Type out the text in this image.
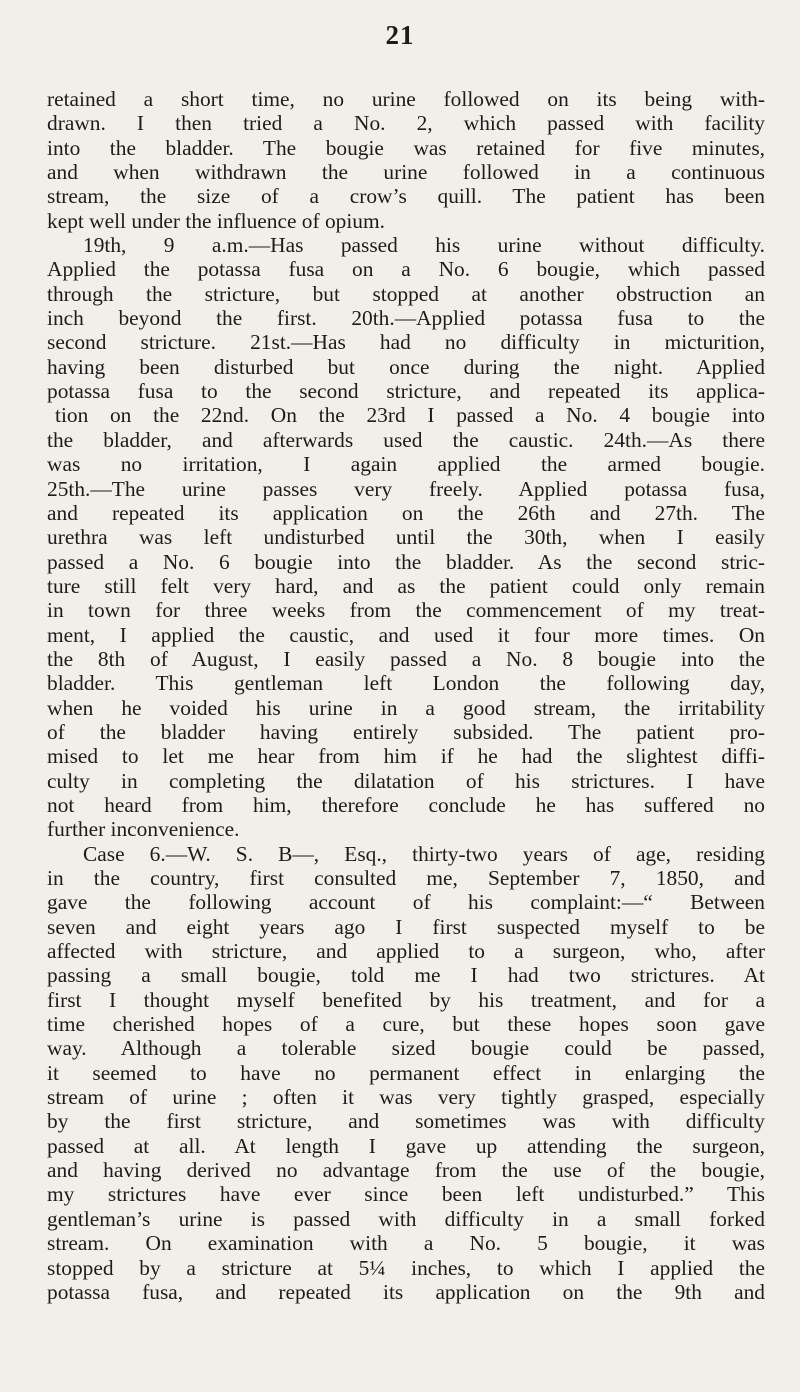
21
retained a short time, no urine followed on its being with-
drawn. I then tried a No. 2, which passed with facility
into the bladder. The bougie was retained for five minutes,
and when withdrawn the urine followed in a continuous
stream, the size of a crow’s quill. The patient has been
kept well under the influence of opium.
19th, 9 a.m.—Has passed his urine without difficulty.
Applied the potassa fusa on a No. 6 bougie, which passed
through the stricture, but stopped at another obstruction an
inch beyond the first. 20th.—Applied potassa fusa to the
second stricture. 21st.—Has had no difficulty in micturition,
having been disturbed but once during the night. Applied
potassa fusa to the second stricture, and repeated its applica-
tion on the 22nd. On the 23rd I passed a No. 4 bougie into
the bladder, and afterwards used the caustic. 24th.—As there
was no irritation, I again applied the armed bougie.
25th.—The urine passes very freely. Applied potassa fusa,
and repeated its application on the 26th and 27th. The
urethra was left undisturbed until the 30th, when I easily
passed a No. 6 bougie into the bladder. As the second stric-
ture still felt very hard, and as the patient could only remain
in town for three weeks from the commencement of my treat-
ment, I applied the caustic, and used it four more times. On
the 8th of August, I easily passed a No. 8 bougie into the
bladder. This gentleman left London the following day,
when he voided his urine in a good stream, the irritability
of the bladder having entirely subsided. The patient pro-
mised to let me hear from him if he had the slightest diffi-
culty in completing the dilatation of his strictures. I have
not heard from him, therefore conclude he has suffered no
further inconvenience.
Case 6.—W. S. B—, Esq., thirty-two years of age, residing
in the country, first consulted me, September 7, 1850, and
gave the following account of his complaint:—“ Between
seven and eight years ago I first suspected myself to be
affected with stricture, and applied to a surgeon, who, after
passing a small bougie, told me I had two strictures. At
first I thought myself benefited by his treatment, and for a
time cherished hopes of a cure, but these hopes soon gave
way. Although a tolerable sized bougie could be passed,
it seemed to have no permanent effect in enlarging the
stream of urine ; often it was very tightly grasped, especially
by the first stricture, and sometimes was with difficulty
passed at all. At length I gave up attending the surgeon,
and having derived no advantage from the use of the bougie,
my strictures have ever since been left undisturbed.” This
gentleman’s urine is passed with difficulty in a small forked
stream. On examination with a No. 5 bougie, it was
stopped by a stricture at 5¼ inches, to which I applied the
potassa fusa, and repeated its application on the 9th and
